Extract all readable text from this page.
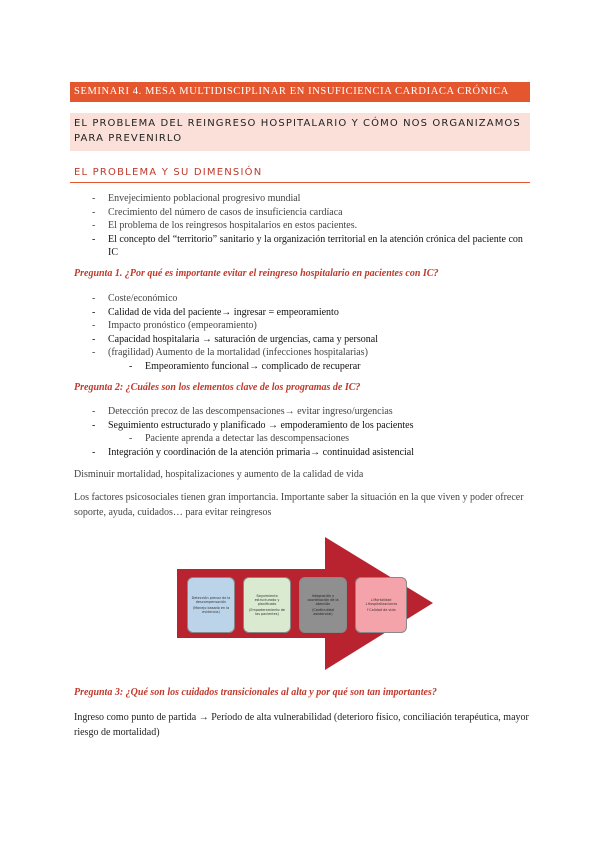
SEMINARI 4. MESA MULTIDISCIPLINAR EN INSUFICIENCIA CARDIACA CRÓNICA
EL PROBLEMA DEL REINGRESO HOSPITALARIO Y CÓMO NOS ORGANIZAMOS PARA PREVENIRLO
EL PROBLEMA Y SU DIMENSIÓN
- Envejecimiento poblacional progresivo mundial
- Crecimiento del número de casos de insuficiencia cardíaca
- El problema de los reingresos hospitalarios en estos pacientes.
- El concepto del “territorio” sanitario y la organización territorial en la atención crónica del paciente con IC
Pregunta 1. ¿Por qué es importante evitar el reingreso hospitalario en pacientes con IC?
- Coste/económico
- Calidad de vida del paciente→ ingresar = empeoramiento
- Impacto pronóstico (empeoramiento)
- Capacidad hospitalaria → saturación de urgencias, cama y personal
- (fragilidad) Aumento de la mortalidad (infecciones hospitalarias)
- Empeoramiento funcional→ complicado de recuperar
Pregunta 2: ¿Cuáles son los elementos clave de los programas de IC?
- Detección precoz de las descompensaciones→ evitar ingreso/urgencias
- Seguimiento estructurado y planificado → empoderamiento de los pacientes
- Paciente aprenda a detectar las descompensaciones
- Integración y coordinación de la atención primaria→ continuidad asistencial
Disminuir mortalidad, hospitalizaciones y aumento de la calidad de vida
Los factores psicosociales tienen gran importancia. Importante saber la situación en la que viven y poder ofrecer soporte, ayuda, cuidados… para evitar reingresos
Detección precoz de la descompensación
(Manejo basado en la evidencia)
Seguimiento estructurado y planificado
(Empoderamiento de los pacientes)
Integración y coordinación de la atención
(Continuidad asistencial)
↓Mortalidad ↓Hospitalizaciones
↑Calidad de vida
Pregunta 3: ¿Qué son los cuidados transicionales al alta y por qué son tan importantes?
Ingreso como punto de partida → Período de alta vulnerabilidad (deterioro físico, conciliación terapéutica, mayor riesgo de mortalidad)
